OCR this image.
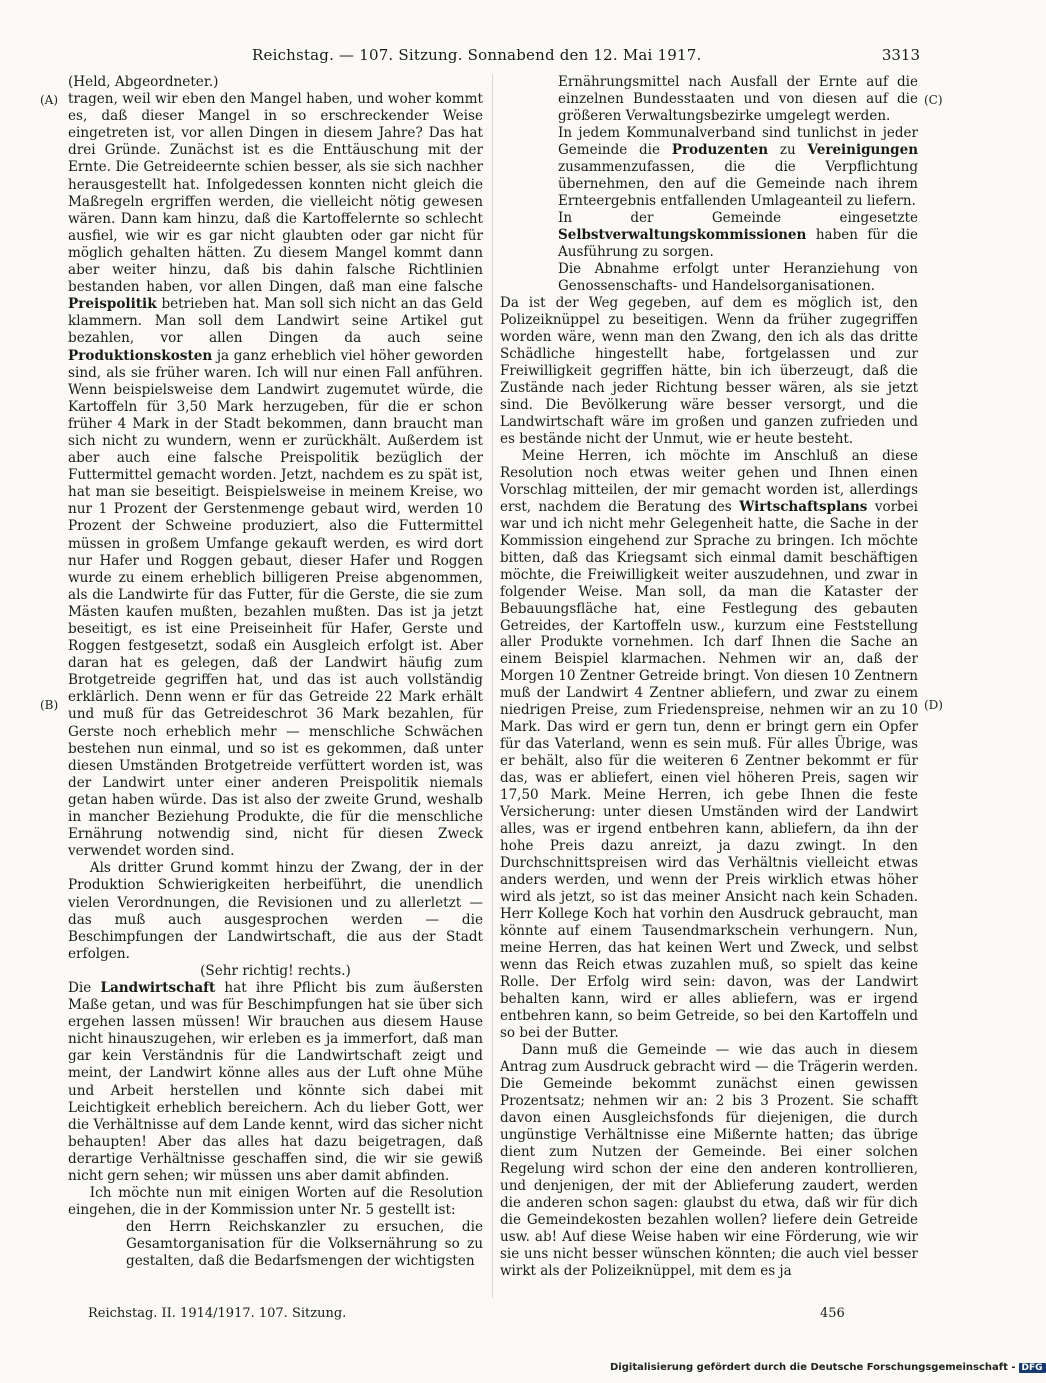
Reichstag. — 107. Sitzung. Sonnabend den 12. Mai 1917.	3313
(A)
(B)
(C)
(D)

(Held, Abgeordneter.)

tragen, weil wir eben den Mangel haben, und woher kommt es, daß dieser Mangel in so erschreckender Weise eingetreten ist, vor allen Dingen in diesem Jahre? Das hat drei Gründe. Zunächst ist es die Enttäuschung mit der Ernte. Die Getreideernte schien besser, als sie sich nachher herausgestellt hat. Infolgedessen konnten nicht gleich die Maßregeln ergriffen werden, die vielleicht nötig gewesen wären. Dann kam hinzu, daß die Kartoffelernte so schlecht ausfiel, wie wir es gar nicht glaubten oder gar nicht für möglich gehalten hätten. Zu diesem Mangel kommt dann aber weiter hinzu, daß bis dahin falsche Richtlinien bestanden haben, vor allen Dingen, daß man eine falsche Preispolitik betrieben hat. Man soll sich nicht an das Geld klammern. Man soll dem Landwirt seine Artikel gut bezahlen, vor allen Dingen da auch seine Produktionskosten ja ganz erheblich viel höher geworden sind, als sie früher waren. Ich will nur einen Fall anführen. Wenn beispielsweise dem Landwirt zugemutet würde, die Kartoffeln für 3,50 Mark herzugeben, für die er schon früher 4 Mark in der Stadt bekommen, dann braucht man sich nicht zu wundern, wenn er zurückhält. Außerdem ist aber auch eine falsche Preispolitik bezüglich der Futtermittel gemacht worden. Jetzt, nachdem es zu spät ist, hat man sie beseitigt. Beispielsweise in meinem Kreise, wo nur 1 Prozent der Gerstenmenge gebaut wird, werden 10 Prozent der Schweine produziert, also die Futtermittel müssen in großem Umfange gekauft werden, es wird dort nur Hafer und Roggen gebaut, dieser Hafer und Roggen wurde zu einem erheblich billigeren Preise abgenommen, als die Landwirte für das Futter, für die Gerste, die sie zum Mästen kaufen mußten, bezahlen mußten. Das ist ja jetzt beseitigt, es ist eine Preiseinheit für Hafer, Gerste und Roggen festgesetzt, sodaß ein Ausgleich erfolgt ist. Aber daran hat es gelegen, daß der Landwirt häufig zum Brotgetreide gegriffen hat, und das ist auch vollständig erklärlich. Denn wenn er für das Getreide 22 Mark erhält und muß für das Getreideschrot 36 Mark bezahlen, für Gerste noch erheblich mehr — menschliche Schwächen bestehen nun einmal, und so ist es gekommen, daß unter diesen Umständen Brotgetreide verfüttert worden ist, was der Landwirt unter einer anderen Preispolitik niemals getan haben würde. Das ist also der zweite Grund, weshalb in mancher Beziehung Produkte, die für die menschliche Ernährung notwendig sind, nicht für diesen Zweck verwendet worden sind.

Als dritter Grund kommt hinzu der Zwang, der in der Produktion Schwierigkeiten herbeiführt, die unendlich vielen Verordnungen, die Revisionen und zu allerletzt — das muß auch ausgesprochen werden — die Beschimpfungen der Landwirtschaft, die aus der Stadt erfolgen.

(Sehr richtig! rechts.)

Die Landwirtschaft hat ihre Pflicht bis zum äußersten Maße getan, und was für Beschimpfungen hat sie über sich ergehen lassen müssen! Wir brauchen aus diesem Hause nicht hinauszugehen, wir erleben es ja immerfort, daß man gar kein Verständnis für die Landwirtschaft zeigt und meint, der Landwirt könne alles aus der Luft ohne Mühe und Arbeit herstellen und könnte sich dabei mit Leichtigkeit erheblich bereichern. Ach du lieber Gott, wer die Verhältnisse auf dem Lande kennt, wird das sicher nicht behaupten! Aber das alles hat dazu beigetragen, daß derartige Verhältnisse geschaffen sind, die wir sie gewiß nicht gern sehen; wir müssen uns aber damit abfinden.

Ich möchte nun mit einigen Worten auf die Resolution eingehen, die in der Kommission unter Nr. 5 gestellt ist:

den Herrn Reichskanzler zu ersuchen, die Gesamtorganisation für die Volksernährung so zu gestalten, daß die Bedarfsmengen der wichtigsten

Ernährungsmittel nach Ausfall der Ernte auf die einzelnen Bundesstaaten und von diesen auf die größeren Verwaltungsbezirke umgelegt werden.

In jedem Kommunalverband sind tunlichst in jeder Gemeinde die Produzenten zu Vereinigungen zusammenzufassen, die die Verpflichtung übernehmen, den auf die Gemeinde nach ihrem Ernteergebnis entfallenden Umlageanteil zu liefern.

In der Gemeinde eingesetzte Selbstverwaltungskommissionen haben für die Ausführung zu sorgen.

Die Abnahme erfolgt unter Heranziehung von Genossenschafts- und Handelsorganisationen.

Da ist der Weg gegeben, auf dem es möglich ist, den Polizeiknüppel zu beseitigen. Wenn da früher zugegriffen worden wäre, wenn man den Zwang, den ich als das dritte Schädliche hingestellt habe, fortgelassen und zur Freiwilligkeit gegriffen hätte, bin ich überzeugt, daß die Zustände nach jeder Richtung besser wären, als sie jetzt sind. Die Bevölkerung wäre besser versorgt, und die Landwirtschaft wäre im großen und ganzen zufrieden und es bestände nicht der Unmut, wie er heute besteht.

Meine Herren, ich möchte im Anschluß an diese Resolution noch etwas weiter gehen und Ihnen einen Vorschlag mitteilen, der mir gemacht worden ist, allerdings erst, nachdem die Beratung des Wirtschaftsplans vorbei war und ich nicht mehr Gelegenheit hatte, die Sache in der Kommission eingehend zur Sprache zu bringen. Ich möchte bitten, daß das Kriegsamt sich einmal damit beschäftigen möchte, die Freiwilligkeit weiter auszudehnen, und zwar in folgender Weise. Man soll, da man die Kataster der Bebauungsfläche hat, eine Festlegung des gebauten Getreides, der Kartoffeln usw., kurzum eine Feststellung aller Produkte vornehmen. Ich darf Ihnen die Sache an einem Beispiel klarmachen. Nehmen wir an, daß der Morgen 10 Zentner Getreide bringt. Von diesen 10 Zentnern muß der Landwirt 4 Zentner abliefern, und zwar zu einem niedrigen Preise, zum Friedenspreise, nehmen wir an zu 10 Mark. Das wird er gern tun, denn er bringt gern ein Opfer für das Vaterland, wenn es sein muß. Für alles Übrige, was er behält, also für die weiteren 6 Zentner bekommt er für das, was er abliefert, einen viel höheren Preis, sagen wir 17,50 Mark. Meine Herren, ich gebe Ihnen die feste Versicherung: unter diesen Umständen wird der Landwirt alles, was er irgend entbehren kann, abliefern, da ihn der hohe Preis dazu anreizt, ja dazu zwingt. In den Durchschnittspreisen wird das Verhältnis vielleicht etwas anders werden, und wenn der Preis wirklich etwas höher wird als jetzt, so ist das meiner Ansicht nach kein Schaden. Herr Kollege Koch hat vorhin den Ausdruck gebraucht, man könnte auf einem Tausendmarkschein verhungern. Nun, meine Herren, das hat keinen Wert und Zweck, und selbst wenn das Reich etwas zuzahlen muß, so spielt das keine Rolle. Der Erfolg wird sein: davon, was der Landwirt behalten kann, wird er alles abliefern, was er irgend entbehren kann, so beim Getreide, so bei den Kartoffeln und so bei der Butter.

Dann muß die Gemeinde — wie das auch in diesem Antrag zum Ausdruck gebracht wird — die Trägerin werden. Die Gemeinde bekommt zunächst einen gewissen Prozentsatz; nehmen wir an: 2 bis 3 Prozent. Sie schafft davon einen Ausgleichsfonds für diejenigen, die durch ungünstige Verhältnisse eine Mißernte hatten; das übrige dient zum Nutzen der Gemeinde. Bei einer solchen Regelung wird schon der eine den anderen kontrollieren, und denjenigen, der mit der Ablieferung zaudert, werden die anderen schon sagen: glaubst du etwa, daß wir für dich die Gemeindekosten bezahlen wollen? liefere dein Getreide usw. ab! Auf diese Weise haben wir eine Förderung, wie wir sie uns nicht besser wünschen könnten; die auch viel besser wirkt als der Polizeiknüppel, mit dem es ja

Reichstag. II. 1914/1917. 107. Sitzung.	456
Digitalisierung gefördert durch die Deutsche Forschungsgemeinschaft - DFG
